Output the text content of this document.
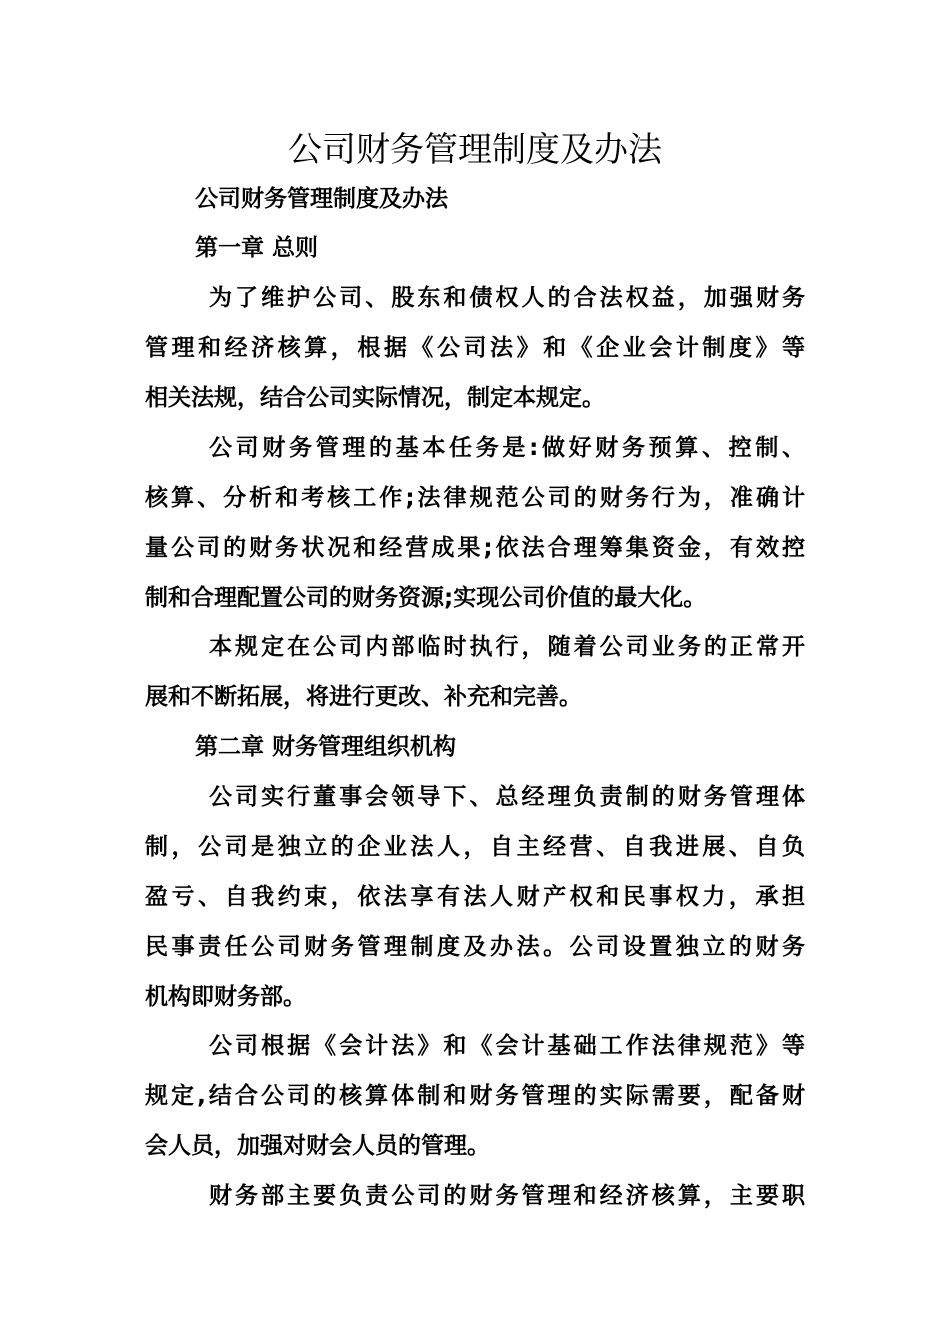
公司财务管理制度及办法

公司财务管理制度及办法

第一章 总则

为了维护公司、股东和债权人的合法权益，加强财务

管理和经济核算，根据《公司法》和《企业会计制度》等

相关法规，结合公司实际情况，制定本规定。

公司财务管理的基本任务是:做好财务预算、控制、

核算、分析和考核工作;法律规范公司的财务行为，准确计

量公司的财务状况和经营成果;依法合理筹集资金，有效控

制和合理配置公司的财务资源;实现公司价值的最大化。

本规定在公司内部临时执行，随着公司业务的正常开

展和不断拓展，将进行更改、补充和完善。

第二章 财务管理组织机构

公司实行董事会领导下、总经理负责制的财务管理体

制，公司是独立的企业法人，自主经营、自我进展、自负

盈亏、自我约束，依法享有法人财产权和民事权力，承担

民事责任公司财务管理制度及办法。公司设置独立的财务

机构即财务部。

公司根据《会计法》和《会计基础工作法律规范》等

规定,结合公司的核算体制和财务管理的实际需要，配备财

会人员，加强对财会人员的管理。

财务部主要负责公司的财务管理和经济核算，主要职
